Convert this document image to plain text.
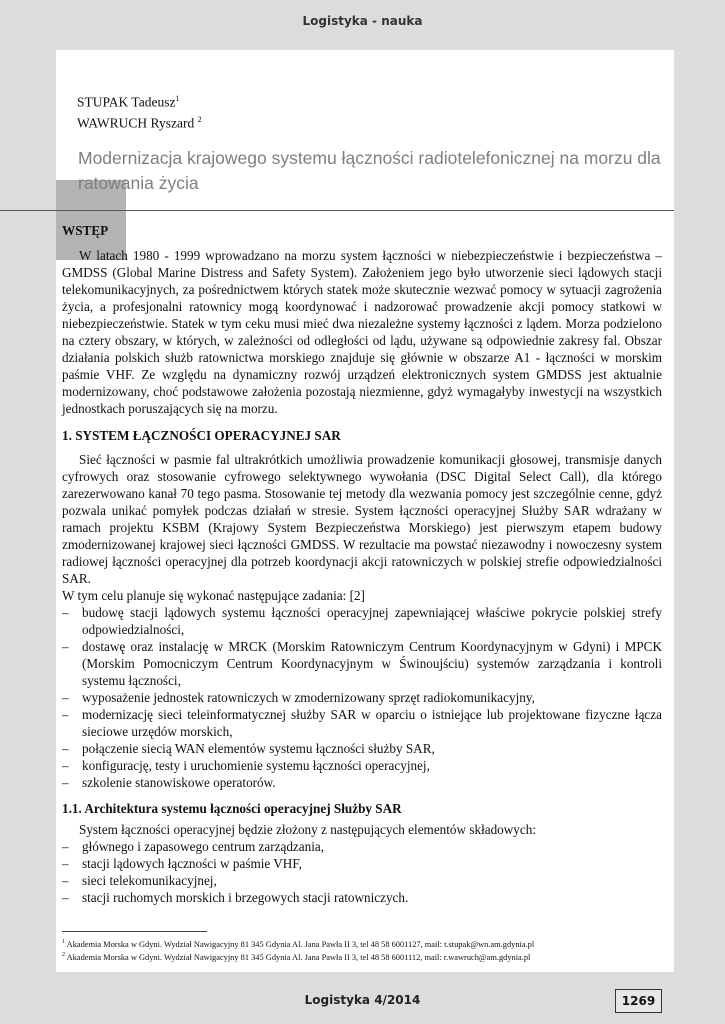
Logistyka - nauka
STUPAK Tadeusz$^1$
WAWRUCH Ryszard $^2$
Modernizacja krajowego systemu łączności radiotelefonicznej na morzu dla ratowania życia
WSTĘP

W latach 1980 - 1999 wprowadzano na morzu system łączności w niebezpieczeństwie i bezpieczeństwa – GMDSS (Global Marine Distress and Safety System). Założeniem jego było utworzenie sieci lądowych stacji telekomunikacyjnych, za pośrednictwem których statek może skutecznie wezwać pomocy w sytuacji zagrożenia życia, a profesjonalni ratownicy mogą koordynować i nadzorować prowadzenie akcji pomocy statkowi w niebezpieczeństwie. Statek w tym ceku musi mieć dwa niezależne systemy łączności z lądem. Morza podzielono na cztery obszary, w których, w zależności od odległości od lądu, używane są odpowiednie zakresy fal. Obszar działania polskich służb ratownictwa morskiego znajduje się głównie w obszarze A1 - łączności w morskim paśmie VHF. Ze względu na dynamiczny rozwój urządzeń elektronicznych system GMDSS jest aktualnie modernizowany, choć podstawowe założenia pozostają niezmienne, gdyż wymagałyby inwestycji na wszystkich jednostkach poruszających się na morzu.

1. SYSTEM ŁĄCZNOŚCI OPERACYJNEJ SAR

Sieć łączności w pasmie fal ultrakrótkich umożliwia prowadzenie komunikacji głosowej, transmisje danych cyfrowych oraz stosowanie cyfrowego selektywnego wywołania (DSC Digital Select Call), dla którego zarezerwowano kanał 70 tego pasma. Stosowanie tej metody dla wezwania pomocy jest szczególnie cenne, gdyż pozwala unikać pomyłek podczas działań w stresie. System łączności operacyjnej Służby SAR wdrażany w ramach projektu KSBM (Krajowy System Bezpieczeństwa Morskiego) jest pierwszym etapem budowy zmodernizowanej krajowej sieci łączności GMDSS. W rezultacie ma powstać niezawodny i nowoczesny system radiowej łączności operacyjnej dla potrzeb koordynacji akcji ratowniczych w polskiej strefie odpowiedzialności SAR.

W tym celu planuje się wykonać następujące zadania: [2]

– budowę stacji lądowych systemu łączności operacyjnej zapewniającej właściwe pokrycie polskiej strefy odpowiedzialności,
– dostawę oraz instalację w MRCK (Morskim Ratowniczym Centrum Koordynacyjnym w Gdyni) i MPCK (Morskim Pomocniczym Centrum Koordynacyjnym w Świnoujściu) systemów zarządzania i kontroli systemu łączności,
– wyposażenie jednostek ratowniczych w zmodernizowany sprzęt radiokomunikacyjny,
– modernizację sieci teleinformatycznej służby SAR w oparciu o istniejące lub projektowane fizyczne łącza sieciowe urzędów morskich,
– połączenie siecią WAN elementów systemu łączności służby SAR,
– konfigurację, testy i uruchomienie systemu łączności operacyjnej,
– szkolenie stanowiskowe operatorów.
1.1. Architektura systemu łączności operacyjnej Służby SAR

System łączności operacyjnej będzie złożony z następujących elementów składowych:

– głównego i zapasowego centrum zarządzania,
– stacji lądowych łączności w paśmie VHF,
– sieci telekomunikacyjnej,
– stacji ruchomych morskich i brzegowych stacji ratowniczych.
$^1$ Akademia Morska w Gdyni. Wydział Nawigacyjny 81 345 Gdynia Al. Jana Pawła II 3, tel 48 58 6001127, mail: t.stupak@wn.am.gdynia.pl
$^2$ Akademia Morska w Gdyni. Wydział Nawigacyjny 81 345 Gdynia Al. Jana Pawła II 3, tel 48 58 6001112, mail: r.wawruch@am.gdynia.pl
Logistyka 4/2014	1269
